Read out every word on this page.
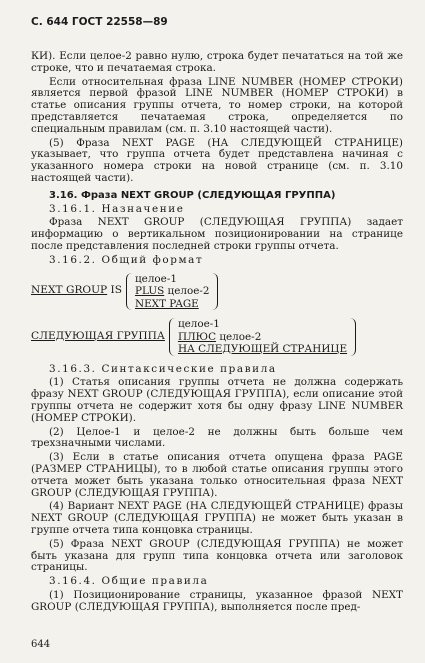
С. 644 ГОСТ 22558—89

КИ). Если целое-2 равно нулю, строка будет печататься на той же строке, что и печатаемая строка.

Если относительная фраза LINE NUMBER (НОМЕР СТРОКИ) является первой фразой LINE NUMBER (НОМЕР СТРОКИ) в статье описания группы отчета, то номер строки, на которой представляется печатаемая строка, определяется по специальным правилам (см. п. 3.10 настоящей части).

(5) Фраза NEXT PAGE (НА СЛЕДУЮЩЕЙ СТРАНИЦЕ) указывает, что группа отчета будет представлена начиная с указанного номера строки на новой странице (см. п. 3.10 настоящей части).

3.16. Фраза NEXT GROUP (СЛЕДУЮЩАЯ ГРУППА)

3.16.1. Назначение

Фраза NEXT GROUP (СЛЕДУЮЩАЯ ГРУППА) задает информацию о вертикальном позиционировании на странице после представления последней строки группы отчета.

3.16.2. Общий формат

NEXT GROUP IS
целое-1
PLUS целое-2
NEXT PAGE
СЛЕДУЮЩАЯ ГРУППА
целое-1
ПЛЮС целое-2
НА СЛЕДУЮЩЕЙ СТРАНИЦЕ

3.16.3. Синтаксические правила

(1) Статья описания группы отчета не должна содержать фразу NEXT GROUP (СЛЕДУЮЩАЯ ГРУППА), если описание этой группы отчета не содержит хотя бы одну фразу LINE NUMBER (НОМЕР СТРОКИ).

(2) Целое-1 и целое-2 не должны быть больше чем трехзначными числами.

(3) Если в статье описания отчета опущена фраза PAGE (РАЗМЕР СТРАНИЦЫ), то в любой статье описания группы этого отчета может быть указана только относительная фраза NEXT GROUP (СЛЕДУЮЩАЯ ГРУППА).

(4) Вариант NEXT PAGE (НА СЛЕДУЮЩЕЙ СТРАНИЦЕ) фразы NEXT GROUP (СЛЕДУЮЩАЯ ГРУППА) не может быть указан в группе отчета типа концовка страницы.

(5) Фраза NEXT GROUP (СЛЕДУЮЩАЯ ГРУППА) не может быть указана для групп типа концовка отчета или заголовок страницы.

3.16.4. Общие правила

(1) Позиционирование страницы, указанное фразой NEXT GROUP (СЛЕДУЮЩАЯ ГРУППА), выполняется после пред-

644
